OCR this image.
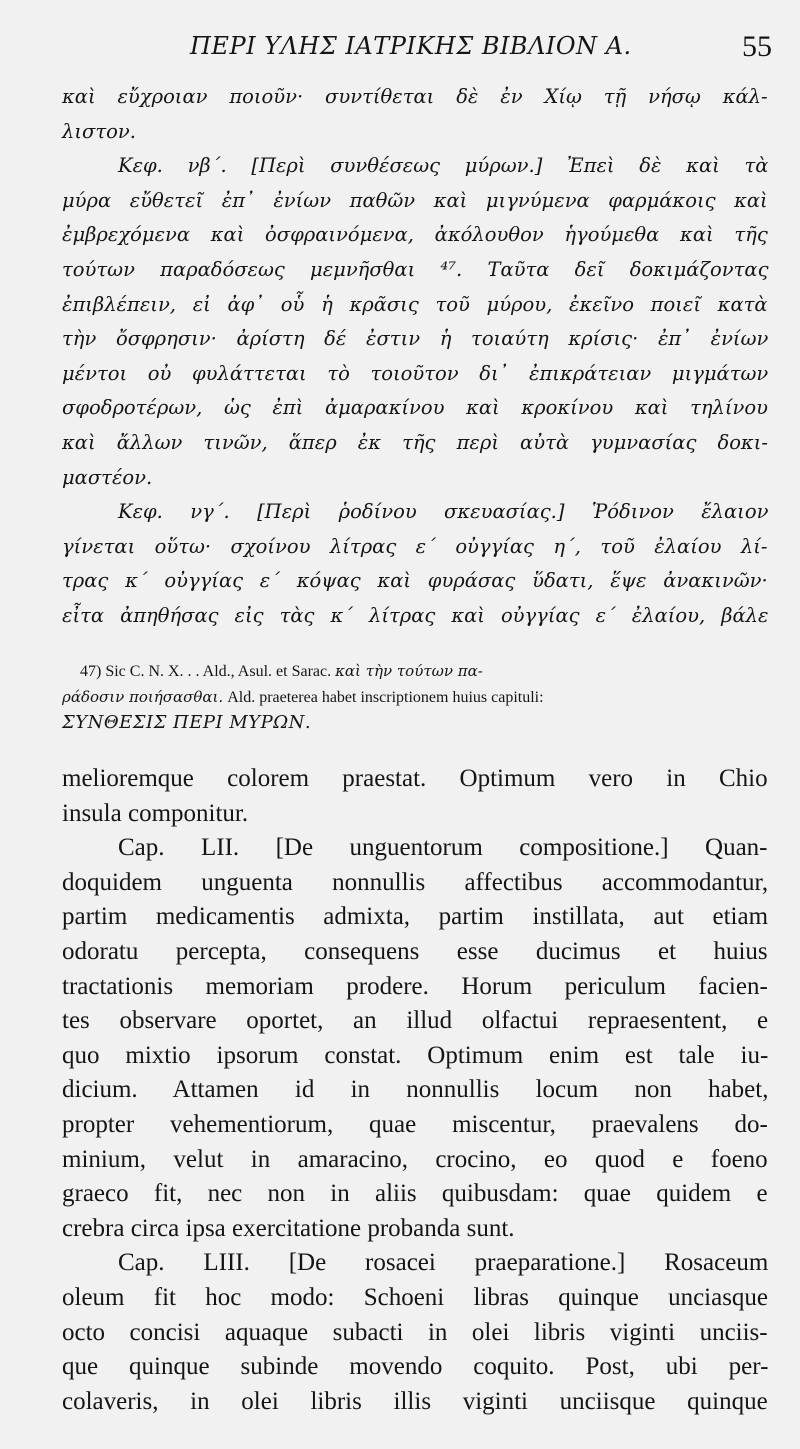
ΠΕΡΙ ΥΛΗΣ ΙΑΤΡΙΚΗΣ ΒΙΒΛΙΟΝ Α.	55
καὶ εὔχροιαν ποιοῦν· συντίθεται δὲ ἐν Χίῳ τῇ νήσῳ κάλ-
λιστον.
Κεφ. νβ΄. [Περὶ συνθέσεως μύρων.] Ἐπεὶ δὲ καὶ τὰ
μύρα εὔθετεῖ ἐπ᾽ ἐνίων παθῶν καὶ μιγνύμενα φαρμάκοις καὶ
ἐμβρεχόμενα καὶ ὀσφραινόμενα, ἀκόλουθον ἡγούμεθα καὶ τῆς
τούτων παραδόσεως μεμνῆσθαι ⁴⁷. Ταῦτα δεῖ δοκιμάζοντας
ἐπιβλέπειν, εἰ ἀφ᾽ οὗ ἡ κρᾶσις τοῦ μύρου, ἐκεῖνο ποιεῖ κατὰ
τὴν ὄσφρησιν· ἀρίστη δέ ἐστιν ἡ τοιαύτη κρίσις· ἐπ᾽ ἐνίων
μέντοι οὐ φυλάττεται τὸ τοιοῦτον δι᾽ ἐπικράτειαν μιγμάτων
σφοδροτέρων, ὡς ἐπὶ ἀμαρακίνου καὶ κροκίνου καὶ τηλίνου
καὶ ἄλλων τινῶν, ἅπερ ἐκ τῆς περὶ αὐτὰ γυμνασίας δοκι-
μαστέον.
Κεφ. νγ΄. [Περὶ ῥοδίνου σκευασίας.] Ῥόδινον ἔλαιον
γίνεται οὕτω· σχοίνου λίτρας ε΄ οὐγγίας η΄, τοῦ ἐλαίου λί-
τρας κ΄ οὐγγίας ε΄ κόψας καὶ φυράσας ὕδατι, ἕψε ἀνακινῶν·
εἶτα ἀπηθήσας εἰς τὰς κ΄ λίτρας καὶ οὐγγίας ε΄ ἐλαίου, βάλε
47) Sic C. N. X. . . Ald., Asul. et Sarac. καὶ τὴν τούτων πα-
ράδοσιν ποιήσασθαι. Ald. praeterea habet inscriptionem huius capituli:
ΣΥΝΘΕΣΙΣ ΠΕΡΙ ΜΥΡΩΝ.
melioremque colorem praestat. Optimum vero in Chio
insula componitur.
Cap. LII. [De unguentorum compositione.] Quan-
doquidem unguenta nonnullis affectibus accommodantur,
partim medicamentis admixta, partim instillata, aut etiam
odoratu percepta, consequens esse ducimus et huius
tractationis memoriam prodere. Horum periculum facien-
tes observare oportet, an illud olfactui repraesentent, e
quo mixtio ipsorum constat. Optimum enim est tale iu-
dicium. Attamen id in nonnullis locum non habet,
propter vehementiorum, quae miscentur, praevalens do-
minium, velut in amaracino, crocino, eo quod e foeno
graeco fit, nec non in aliis quibusdam: quae quidem e
crebra circa ipsa exercitatione probanda sunt.
Cap. LIII. [De rosacei praeparatione.] Rosaceum
oleum fit hoc modo: Schoeni libras quinque unciasque
octo concisi aquaque subacti in olei libris viginti unciis-
que quinque subinde movendo coquito. Post, ubi per-
colaveris, in olei libris illis viginti unciisque quinque
